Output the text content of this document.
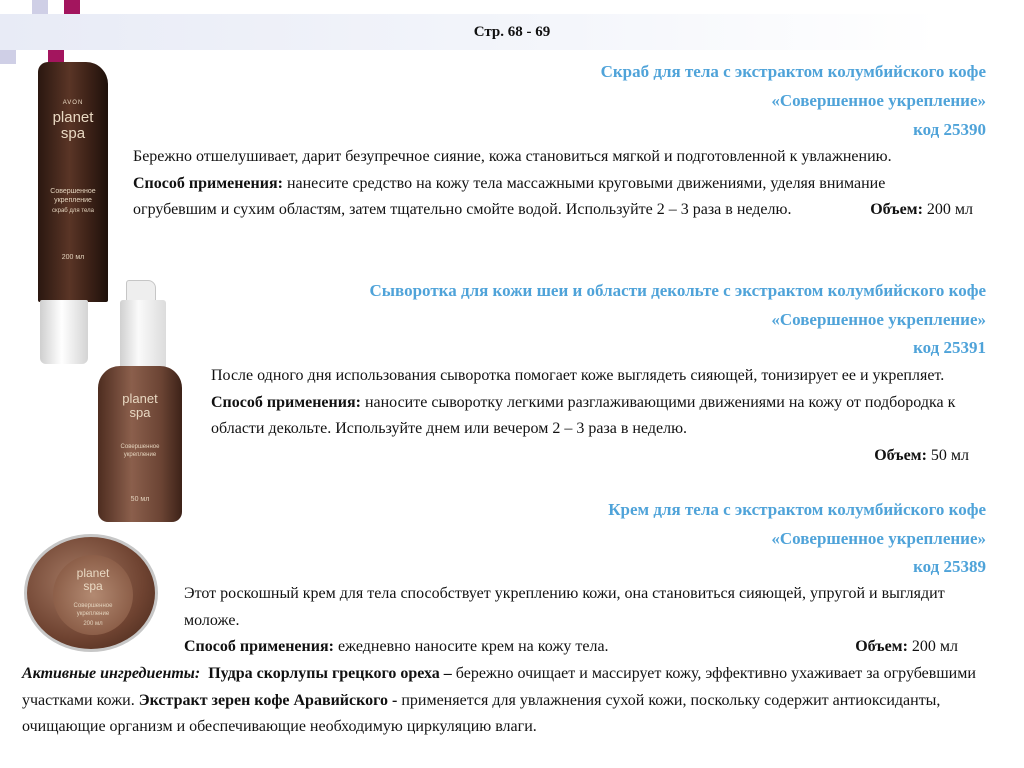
Стр. 68 - 69
AVON
planet
spa
Совершенное
укрепление
скраб для тела
200 мл
Скраб для тела с экстрактом колумбийского кофе
«Совершенное укрепление»
код 25390
Бережно отшелушивает, дарит безупречное сияние, кожа становиться мягкой и подготовленной к увлажнению.
Способ применения: нанесите средство на кожу тела массажными круговыми движениями, уделяя внимание огрубевшим и сухим областям, затем тщательно смойте водой. Используйте 2 – 3 раза в неделю.	Объем: 200 мл
planet
spa
Совершенное
укрепление
50 мл
Сыворотка для кожи шеи и области декольте с экстрактом колумбийского кофе
«Совершенное укрепление»
код 25391
После одного дня использования сыворотка помогает коже выглядеть сияющей, тонизирует ее и укрепляет.
Способ применения: наносите сыворотку легкими разглаживающими движениями на кожу от подбородка к области декольте. Используйте днем или вечером 2 – 3 раза в неделю.

Объем: 50 мл
planet
spa
Совершенное
укрепление
200 мл
Крем для тела с экстрактом колумбийского кофе
«Совершенное укрепление»
код 25389
Этот роскошный крем для тела способствует укреплению кожи, она становиться сияющей, упругой и выглядит моложе.
Способ применения: ежедневно наносите крем на кожу тела.	Объем: 200 мл
Активные ингредиенты: Пудра скорлупы грецкого ореха – бережно очищает и массирует кожу, эффективно ухаживает за огрубевшими участками кожи. Экстракт зерен кофе Аравийского - применяется для увлажнения сухой кожи, поскольку содержит антиоксиданты, очищающие организм и обеспечивающие необходимую циркуляцию влаги.
